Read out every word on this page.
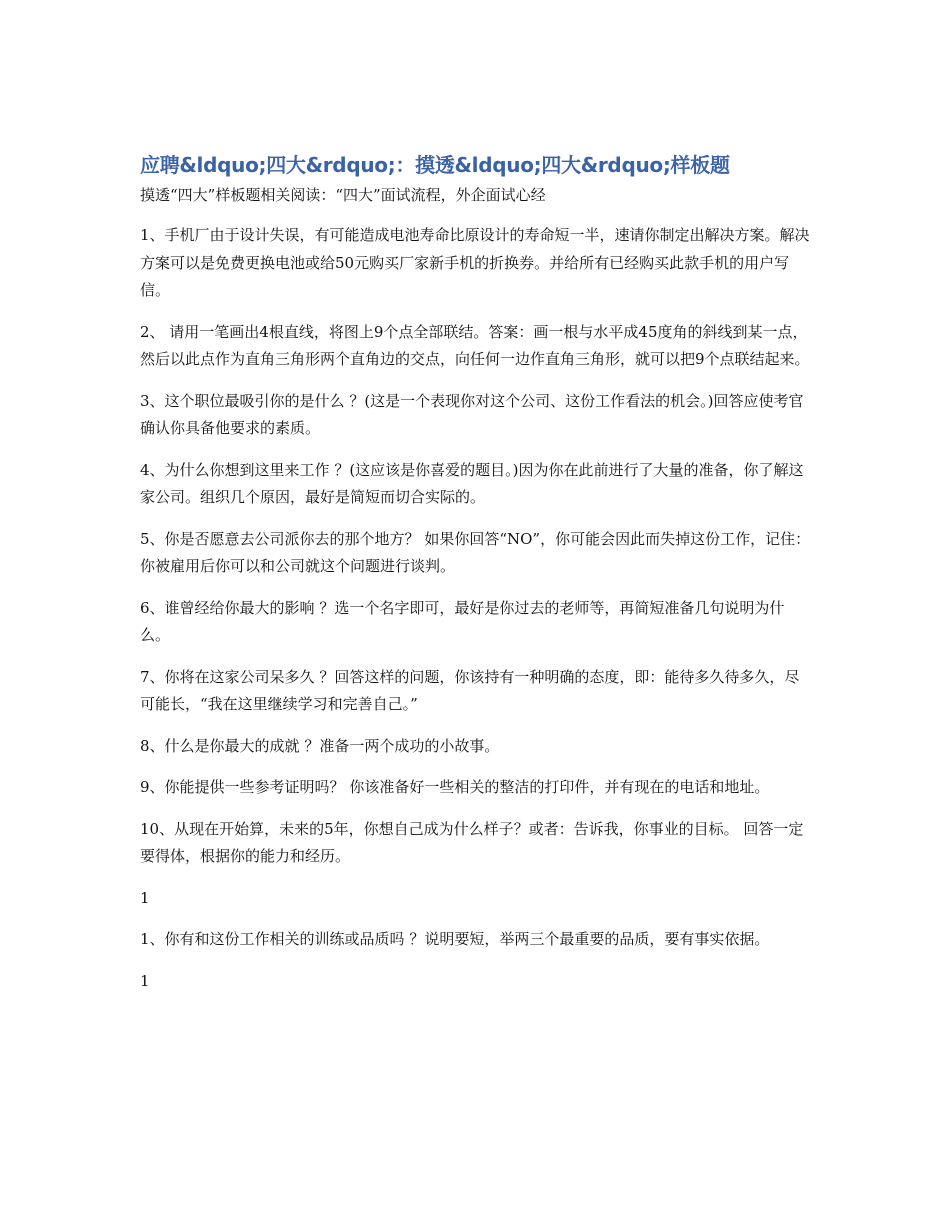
应聘&ldquo;四大&rdquo;：摸透&ldquo;四大&rdquo;样板题

摸透“四大”样板题相关阅读：“四大”面试流程，外企面试心经

1、手机厂由于设计失误，有可能造成电池寿命比原设计的寿命短一半，速请你制定出解决方案。解决方案可以是免费更换电池或给50元购买厂家新手机的折换券。并给所有已经购买此款手机的用户写信。

2、 请用一笔画出4根直线，将图上9个点全部联结。答案：画一根与水平成45度角的斜线到某一点，然后以此点作为直角三角形两个直角边的交点，向任何一边作直角三角形，就可以把9个点联结起来。

3、这个职位最吸引你的是什么 ？(这是一个表现你对这个公司、这份工作看法的机会。)回答应使考官确认你具备他要求的素质。

4、为什么你想到这里来工作 ？(这应该是你喜爱的题目。)因为你在此前进行了大量的准备，你了解这家公司。组织几个原因，最好是简短而切合实际的。

5、你是否愿意去公司派你去的那个地方？ 如果你回答“NO”，你可能会因此而失掉这份工作，记住：你被雇用后你可以和公司就这个问题进行谈判。

6、谁曾经给你最大的影响 ？选一个名字即可，最好是你过去的老师等，再简短准备几句说明为什么。

7、你将在这家公司呆多久 ？回答这样的问题，你该持有一种明确的态度，即：能待多久待多久，尽可能长，“我在这里继续学习和完善自己。”

8、什么是你最大的成就 ？准备一两个成功的小故事。

9、你能提供一些参考证明吗？ 你该准备好一些相关的整洁的打印件，并有现在的电话和地址。

10、从现在开始算，未来的5年，你想自己成为什么样子？或者：告诉我，你事业的目标。 回答一定要得体，根据你的能力和经历。

1

1、你有和这份工作相关的训练或品质吗 ？说明要短，举两三个最重要的品质，要有事实依据。

1
